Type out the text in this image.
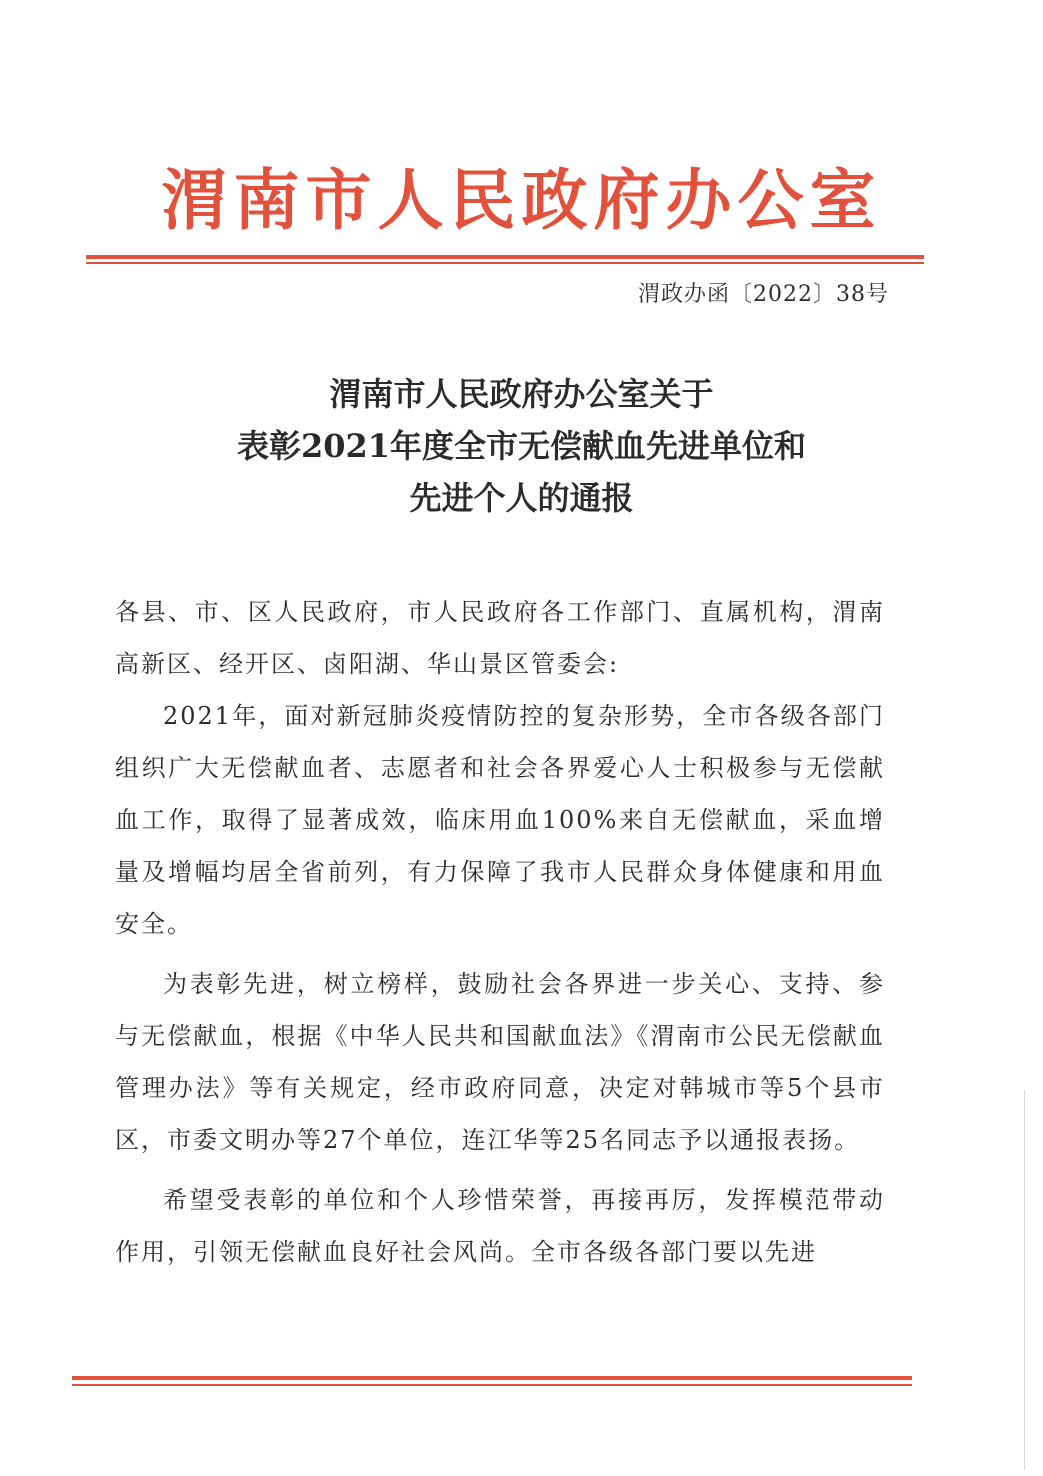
渭南市人民政府办公室
渭政办函〔2022〕38号
渭南市人民政府办公室关于
表彰2021年度全市无偿献血先进单位和
先进个人的通报

各县、市、区人民政府，市人民政府各工作部门、直属机构，渭南高新区、经开区、卤阳湖、华山景区管委会:

2021年，面对新冠肺炎疫情防控的复杂形势，全市各级各部门组织广大无偿献血者、志愿者和社会各界爱心人士积极参与无偿献血工作，取得了显著成效，临床用血100%来自无偿献血，采血增量及增幅均居全省前列，有力保障了我市人民群众身体健康和用血安全。

为表彰先进，树立榜样，鼓励社会各界进一步关心、支持、参与无偿献血，根据《中华人民共和国献血法》《渭南市公民无偿献血管理办法》等有关规定，经市政府同意，决定对韩城市等5个县市区，市委文明办等27个单位，连江华等25名同志予以通报表扬。

希望受表彰的单位和个人珍惜荣誉，再接再厉，发挥模范带动作用，引领无偿献血良好社会风尚。全市各级各部门要以先进
